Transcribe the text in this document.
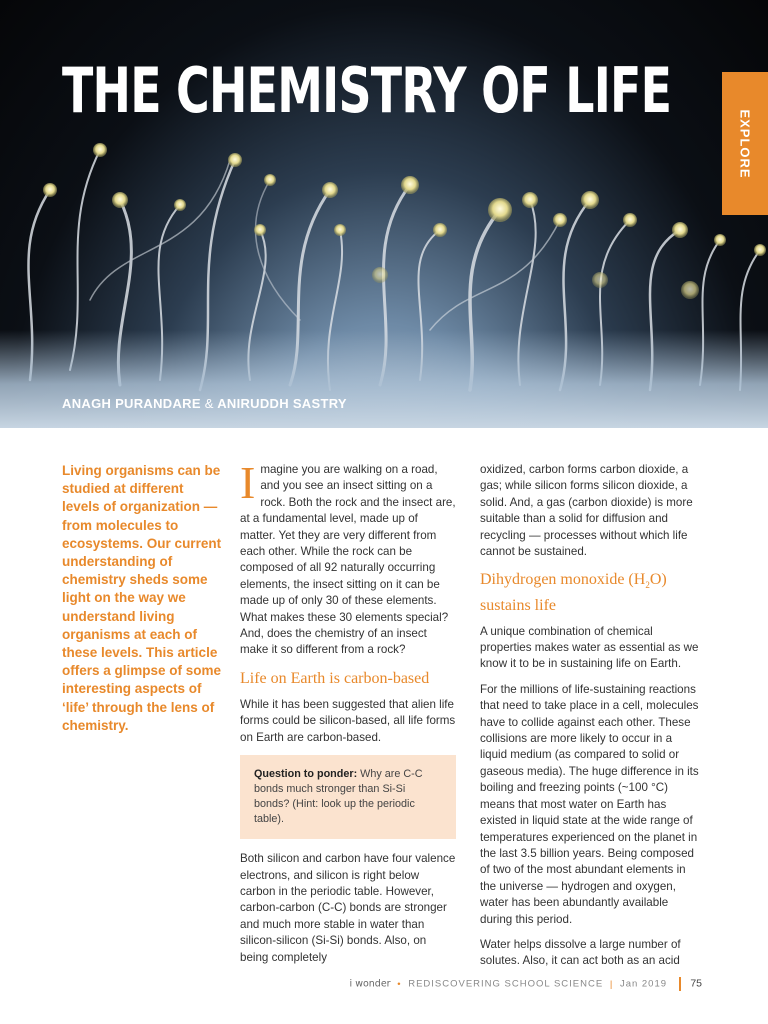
THE CHEMISTRY OF LIFE
ANAGH PURANDARE & ANIRUDDH SASTRY
EXPLORE

Living organisms can be studied at different levels of organization — from molecules to ecosystems. Our current understanding of chemistry sheds some light on the way we understand living organisms at each of these levels. This article offers a glimpse of some interesting aspects of ‘life’ through the lens of chemistry.

Imagine you are walking on a road, and you see an insect sitting on a rock. Both the rock and the insect are, at a fundamental level, made up of matter. Yet they are very different from each other. While the rock can be composed of all 92 naturally occurring elements, the insect sitting on it can be made up of only 30 of these elements. What makes these 30 elements special? And, does the chemistry of an insect make it so different from a rock?

Life on Earth is carbon-based

While it has been suggested that alien life forms could be silicon-based, all life forms on Earth are carbon-based.

Question to ponder: Why are C-C bonds much stronger than Si-Si bonds? (Hint: look up the periodic table).

Both silicon and carbon have four valence electrons, and silicon is right below carbon in the periodic table. However, carbon-carbon (C-C) bonds are stronger and much more stable in water than silicon-silicon (Si-Si) bonds. Also, on being completely

oxidized, carbon forms carbon dioxide, a gas; while silicon forms silicon dioxide, a solid. And, a gas (carbon dioxide) is more suitable than a solid for diffusion and recycling — processes without which life cannot be sustained.

Dihydrogen monoxide $(H_2O)$ sustains life

A unique combination of chemical properties makes water as essential as we know it to be in sustaining life on Earth.

For the millions of life-sustaining reactions that need to take place in a cell, molecules have to collide against each other. These collisions are more likely to occur in a liquid medium (as compared to solid or gaseous media). The huge difference in its boiling and freezing points (~100 °C) means that most water on Earth has existed in liquid state at the wide range of temperatures experienced on the planet in the last 3.5 billion years. Being composed of two of the most abundant elements in the universe — hydrogen and oxygen, water has been abundantly available during this period.

Water helps dissolve a large number of solutes. Also, it can act both as an acid

i wonder • REDISCOVERING SCHOOL SCIENCE | Jan 2019 75
